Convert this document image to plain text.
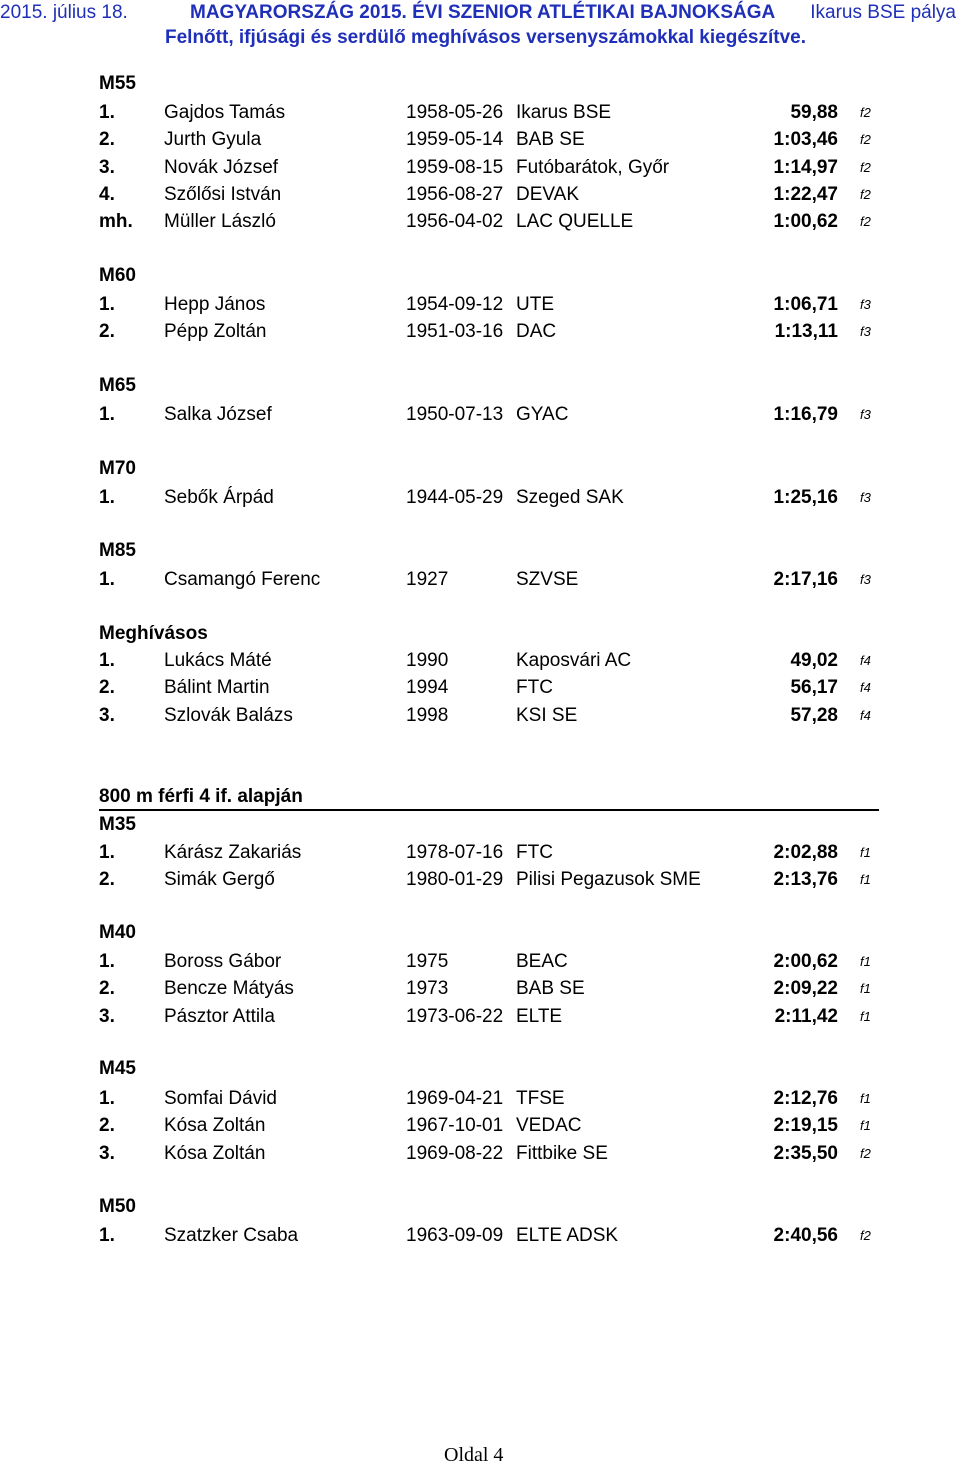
2015. július 18.	MAGYARORSZÁG 2015. ÉVI SZENIOR ATLÉTIKAI BAJNOKSÁGA Ikarus BSE pálya
Felnőtt, ifjúsági és serdülő meghívásos versenyszámokkal kiegészítve.
M55
1.	Gajdos Tamás	1958-05-26 Ikarus BSE	59,88 f2
2.	Jurth Gyula	1959-05-14 BAB SE	1:03,46 f2
3.	Novák József	1959-08-15 Futóbarátok, Győr	1:14,97 f2
4.	Szőlősi István	1956-08-27 DEVAK	1:22,47 f2
mh. Müller László	1956-04-02 LAC QUELLE	1:00,62 f2
M60
1.	Hepp János	1954-09-12 UTE	1:06,71 f3
2.	Pépp Zoltán	1951-03-16 DAC	1:13,11 f3
M65
1.	Salka József	1950-07-13 GYAC	1:16,79 f3
M70
1.	Sebők Árpád	1944-05-29 Szeged SAK	1:25,16 f3
M85
1.	Csamangó Ferenc	1927	SZVSE	2:17,16 f3
Meghívásos
1.	Lukács Máté	1990	Kaposvári AC	49,02 f4
2.	Bálint Martin	1994	FTC	56,17 f4
3.	Szlovák Balázs	1998	KSI SE	57,28 f4
M35
1.	Kárász Zakariás	1978-07-16 FTC	2:02,88 f1
2.	Simák Gergő	1980-01-29 Pilisi Pegazusok SME	2:13,76 f1
M40
1.	Boross Gábor	1975	BEAC	2:00,62 f1
2.	Bencze Mátyás	1973	BAB SE	2:09,22 f1
3.	Pásztor Attila	1973-06-22 ELTE	2:11,42 f1
M45
1.	Somfai Dávid	1969-04-21 TFSE	2:12,76 f1
2.	Kósa Zoltán	1967-10-01 VEDAC	2:19,15 f1
3.	Kósa Zoltán	1969-08-22 Fittbike SE	2:35,50 f2
M50
1.	Szatzker Csaba	1963-09-09 ELTE ADSK	2:40,56 f2
800 m férfi 4 if. alapján
Oldal 4
